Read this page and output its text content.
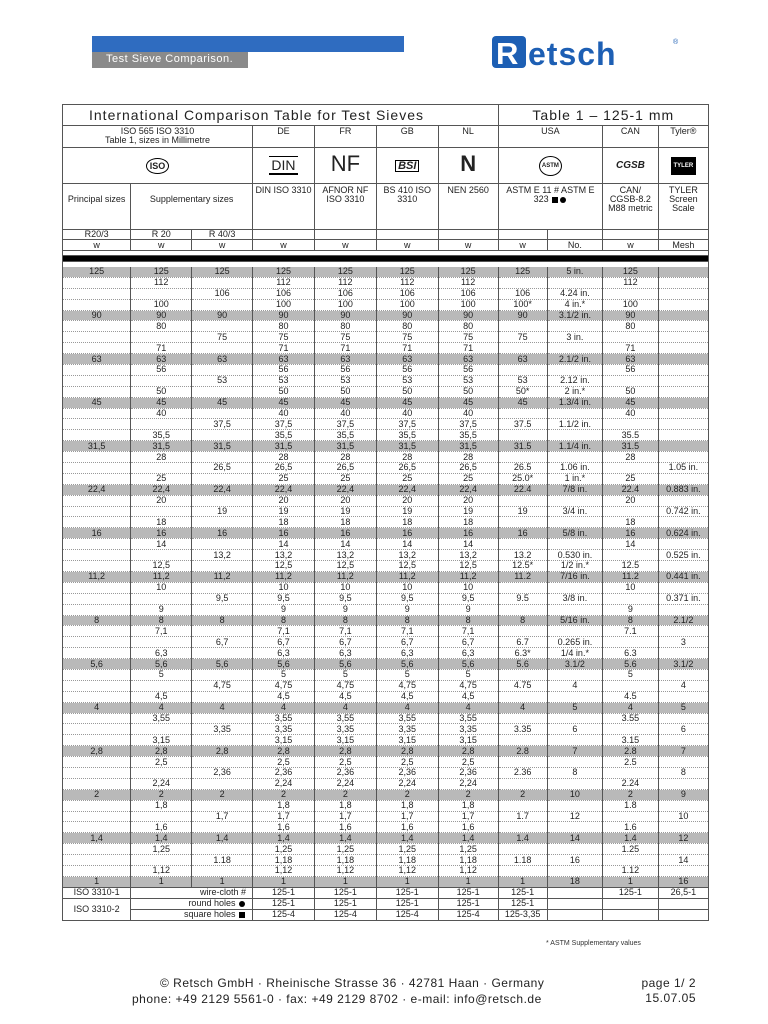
Test Sieve Comparison.	R etsch	®
International Comparison Table for Test Sieves							Table 1 – 125-1 mm			
ISO 565 ISO 3310
Table 1, sizes in Millimetre			DE	FR	GB	NL	USA		CAN	Tyler®
ISO			DIN	NF	BSI	N	ASTM		CGSB	TYLER

Principal sizes	Supplementary sizes		DIN ISO 3310	AFNOR NF ISO 3310	BS 410 ISO 3310	NEN 2560	ASTM E 11 # ASTM E 323		CAN/ CGSB-8.2 M88 metric	TYLER Screen Scale
R20/3	R 20	R 40/3								
w	w	w	w	w	w	w	w	No.	w	Mesh

125	125	125	125	125	125	125	125	5 in.	125	
	112		112	112	112	112			112	
		106	106	106	106	106	106	4.24 in.		
	100		100	100	100	100	100*	4 in.*	100	
90	90	90	90	90	90	90	90	3.1/2 in.	90	
	80		80	80	80	80			80	
		75	75	75	75	75	75	3 in.		
	71		71	71	71	71			71	
63	63	63	63	63	63	63	63	2.1/2 in.	63	
	56		56	56	56	56			56	
		53	53	53	53	53	53	2.12 in.		
	50		50	50	50	50	50*	2 in.*	50	
45	45	45	45	45	45	45	45	1.3/4 in.	45	
	40		40	40	40	40			40	
		37,5	37,5	37,5	37,5	37,5	37.5	1.1/2 in.		
	35,5		35,5	35,5	35,5	35,5			35.5	
31,5	31,5	31,5	31,5	31,5	31,5	31,5	31.5	1.1/4 in.	31.5	
	28		28	28	28	28			28	
		26,5	26,5	26,5	26,5	26,5	26.5	1.06 in.		1.05 in.
	25		25	25	25	25	25.0*	1 in.*	25	
22,4	22,4	22,4	22,4	22,4	22,4	22,4	22.4	7/8 in.	22.4	0.883 in.
	20		20	20	20	20			20	
		19	19	19	19	19	19	3/4 in.		0.742 in.
	18		18	18	18	18			18	
16	16	16	16	16	16	16	16	5/8 in.	16	0.624 in.
	14		14	14	14	14			14	
		13,2	13,2	13,2	13,2	13,2	13.2	0.530 in.		0.525 in.
	12,5		12,5	12,5	12,5	12,5	12.5*	1/2 in.*	12.5	
11,2	11,2	11,2	11,2	11,2	11,2	11,2	11.2	7/16 in.	11.2	0.441 in.
	10		10	10	10	10			10	
		9,5	9,5	9,5	9,5	9,5	9.5	3/8 in.		0.371 in.
	9		9	9	9	9			9	
8	8	8	8	8	8	8	8	5/16 in.	8	2.1/2
	7,1		7,1	7,1	7,1	7,1			7.1	
		6,7	6,7	6,7	6,7	6,7	6.7	0.265 in.		3
	6,3		6,3	6,3	6,3	6,3	6.3*	1/4 in.*	6.3	
5,6	5,6	5,6	5,6	5,6	5,6	5,6	5.6	3.1/2	5.6	3.1/2
	5		5	5	5	5			5	
		4,75	4,75	4,75	4,75	4,75	4.75	4		4
	4,5		4,5	4,5	4,5	4,5			4.5	
4	4	4	4	4	4	4	4	5	4	5
	3,55		3,55	3,55	3,55	3,55			3.55	
		3,35	3,35	3,35	3,35	3,35	3.35	6		6
	3,15		3,15	3,15	3,15	3,15			3.15	
2,8	2,8	2,8	2,8	2,8	2,8	2,8	2.8	7	2.8	7
	2,5		2,5	2,5	2,5	2,5			2.5	
		2,36	2,36	2,36	2,36	2,36	2.36	8		8
	2,24		2,24	2,24	2,24	2,24			2.24	
2	2	2	2	2	2	2	2	10	2	9
	1,8		1,8	1,8	1,8	1,8			1.8	
		1,7	1,7	1,7	1,7	1,7	1.7	12		10
	1,6		1,6	1,6	1,6	1,6			1.6	
1,4	1,4	1,4	1,4	1,4	1,4	1,4	1.4	14	1.4	12
	1,25		1,25	1,25	1,25	1,25			1.25	
		1.18	1,18	1,18	1,18	1,18	1.18	16		14
	1,12		1,12	1,12	1,12	1,12			1.12	
1	1	1	1	1	1	1	1	18	1	16
ISO 3310-1	wire-cloth #		125-1	125-1	125-1	125-1	125-1		125-1	26,5-1
ISO 3310-2	round holes		125-1	125-1	125-1	125-1	125-1			
	square holes		125-4	125-4	125-4	125-4	125-3,35			
* ASTM Supplementary values
© Retsch GmbH · Rheinische Strasse 36 · 42781 Haan · Germany
phone: +49 2129 5561-0 · fax: +49 2129 8702 · e-mail: info@retsch.de
page 1/ 2
15.07.05
